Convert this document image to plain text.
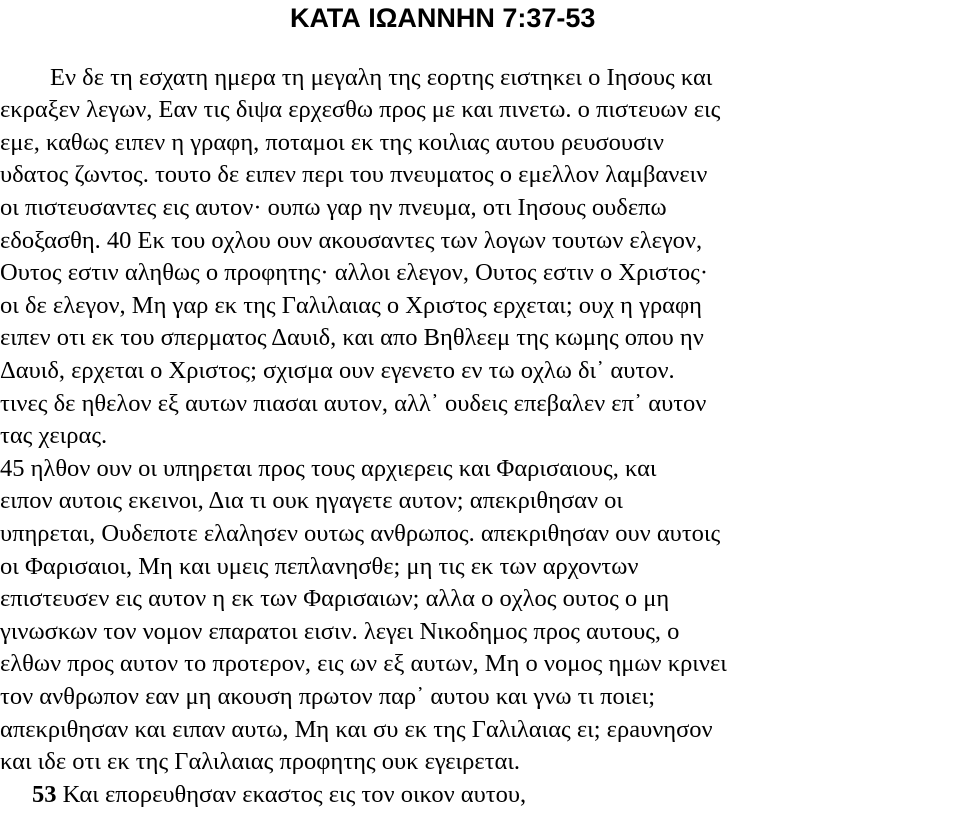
ΚΑΤΑ ΙΩΑΝΝΗΝ 7:37-53

Εν δε τη εσχατη ημερα τη μεγαλη της εορτης ειστηκει ο Ιησους και

εκραξεν λεγων, Εαν τις διψα ερχεσθω προς με και πινετω. ο πιστευων εις

εμε, καθως ειπεν η γραφη, ποταμοι εκ της κοιλιας αυτου ρευσουσιν

υδατος ζωντος. τουτο δε ειπεν περι του πνευματος ο εμελλον λαμβανειν

οι πιστευσαντες εις αυτον· ουπω γαρ ην πνευμα, οτι Ιησους ουδεπω

εδοξασθη. 40 Εκ του οχλου ουν ακουσαντες των λογων τουτων ελεγον,

Ουτος εστιν αληθως ο προφητης· αλλοι ελεγον, Ουτος εστιν ο Χριστος·

οι δε ελεγον, Μη γαρ εκ της Γαλιλαιας ο Χριστος ερχεται; ουχ η γραφη

ειπεν οτι εκ του σπερματος Δαυιδ, και απο Βηθλεεμ της κωμης οπου ην

Δαυιδ, ερχεται ο Χριστος; σχισμα ουν εγενετο εν τω οχλω δι᾽ αυτον.

τινες δε ηθελον εξ αυτων πιασαι αυτον, αλλ᾽ ουδεις επεβαλεν επ᾽ αυτον

τας χειρας.

45 ηλθον ουν οι υπηρεται προς τους αρχιερεις και Φαρισαιους, και

ειπον αυτοις εκεινοι, Δια τι ουκ ηγαγετε αυτον; απεκριθησαν οι

υπηρεται, Ουδεποτε ελαλησεν ουτως ανθρωπος. απεκριθησαν ουν αυτοις

οι Φαρισαιοι, Μη και υμεις πεπλανησθε; μη τις εκ των αρχοντων

επιστευσεν εις αυτον η εκ των Φαρισαιων; αλλα ο οχλος ουτος ο μη

γινωσκων τον νομον επαρατοι εισιν. λεγει Νικοδημος προς αυτους, ο

ελθων προς αυτον το προτερον, εις ων εξ αυτων, Μη ο νομος ημων κρινει

τον ανθρωπον εαν μη ακουση πρωτον παρ᾽ αυτου και γνω τι ποιει;

απεκριθησαν και ειπαν αυτω, Μη και συ εκ της Γαλιλαιας ει; ερaυνησον

και ιδε οτι εκ της Γαλιλαιας προφητης ουκ εγειρεται.

53 Και επορευθησαν εκαστος εις τον οικον αυτου,
